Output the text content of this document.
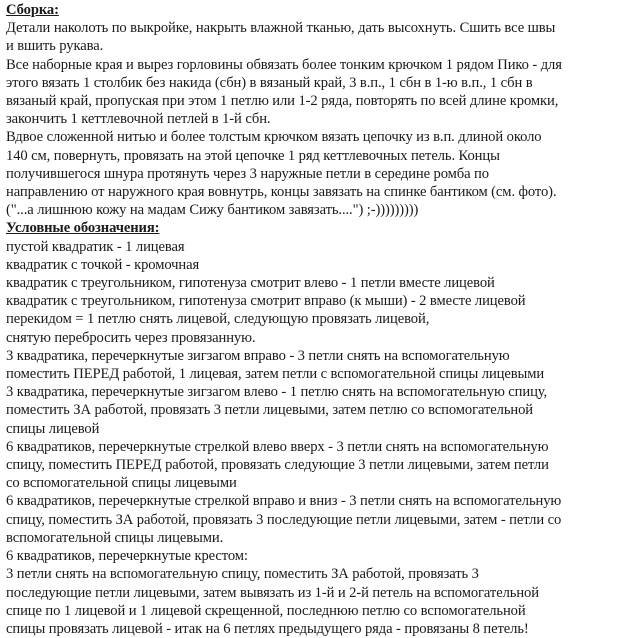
Сборка:
Детали наколоть по выкройке, накрыть влажной тканью, дать высохнуть. Сшить все швы
и вшить рукава.
Все наборные края и вырез горловины обвязать более тонким крючком 1 рядом Пико - для
этого вязать 1 столбик без накида (сбн) в вязаный край, 3 в.п., 1 сбн в 1-ю в.п., 1 сбн в
вязаный край, пропуская при этом 1 петлю или 1-2 ряда, повторять по всей длине кромки,
закончить 1 кеттлевочной петлей в 1-й сбн.
Вдвое сложенной нитью и более толстым крючком вязать цепочку из в.п. длиной около
140 см, повернуть, провязать на этой цепочке 1 ряд кеттлевочных петель. Концы
получившегося шнура протянуть через 3 наружные петли в середине ромба по
направлению от наружного края вовнутрь, концы завязать на спинке бантиком (см. фото).
("...а лишнюю кожу на мадам Сижу бантиком завязать....") ;-)))))))))
Условные обозначения:
пустой квадратик - 1 лицевая
квадратик с точкой - кромочная
квадратик с треугольником, гипотенуза смотрит влево - 1 петли вместе лицевой
квадратик с треугольником, гипотенуза смотрит вправо (к мыши) - 2 вместе лицевой
перекидом = 1 петлю снять лицевой, следующую провязать лицевой,
снятую перебросить через провязанную.
3 квадратика, перечеркнутые зигзагом вправо - 3 петли снять на вспомогательную
поместить ПЕРЕД работой, 1 лицевая, затем петли с вспомогательной спицы лицевыми
3 квадратика, перечеркнутые зигзагом влево - 1 петлю снять на вспомогательную спицу,
поместить ЗА работой, провязать 3 петли лицевыми, затем петлю со вспомогательной
спицы лицевой
6 квадратиков, перечеркнутые стрелкой влево вверх - 3 петли снять на вспомогательную
спицу, поместить ПЕРЕД работой, провязать следующие 3 петли лицевыми, затем петли
со вспомогательной спицы лицевыми
6 квадратиков, перечеркнутые стрелкой вправо и вниз - 3 петли снять на вспомогательную
спицу, поместить ЗА работой, провязать 3 последующие петли лицевыми, затем - петли со
вспомогательной спицы лицевыми.
6 квадратиков, перечеркнутые крестом:
3 петли снять на вспомогательную спицу, поместить ЗА работой, провязать 3
последующие петли лицевыми, затем вывязать из 1-й и 2-й петель на вспомогательной
спице по 1 лицевой и 1 лицевой скрещенной, последнюю петлю со вспомогательной
спицы провязать лицевой - итак на 6 петлях предыдущего ряда - провязаны 8 петель!
